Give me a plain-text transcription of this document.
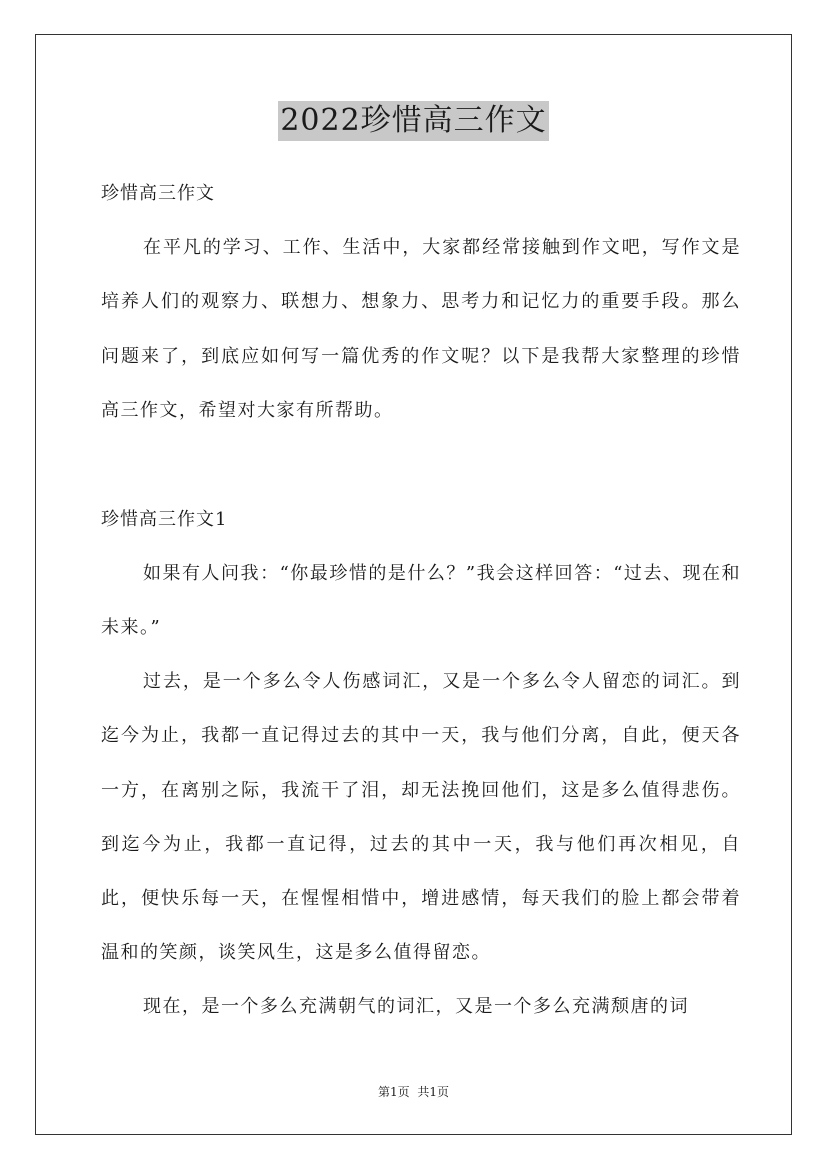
2022珍惜高三作文
珍惜高三作文
在平凡的学习、工作、生活中，大家都经常接触到作文吧，写作文是培养人们的观察力、联想力、想象力、思考力和记忆力的重要手段。那么问题来了，到底应如何写一篇优秀的作文呢？以下是我帮大家整理的珍惜高三作文，希望对大家有所帮助。
珍惜高三作文1
如果有人问我：“你最珍惜的是什么？”我会这样回答：“过去、现在和未来。”
过去，是一个多么令人伤感词汇，又是一个多么令人留恋的词汇。到迄今为止，我都一直记得过去的其中一天，我与他们分离，自此，便天各一方，在离别之际，我流干了泪，却无法挽回他们，这是多么值得悲伤。到迄今为止，我都一直记得，过去的其中一天，我与他们再次相见，自此，便快乐每一天，在惺惺相惜中，增进感情，每天我们的脸上都会带着温和的笑颜，谈笑风生，这是多么值得留恋。
现在，是一个多么充满朝气的词汇，又是一个多么充满颓唐的词
第1页 共1页
